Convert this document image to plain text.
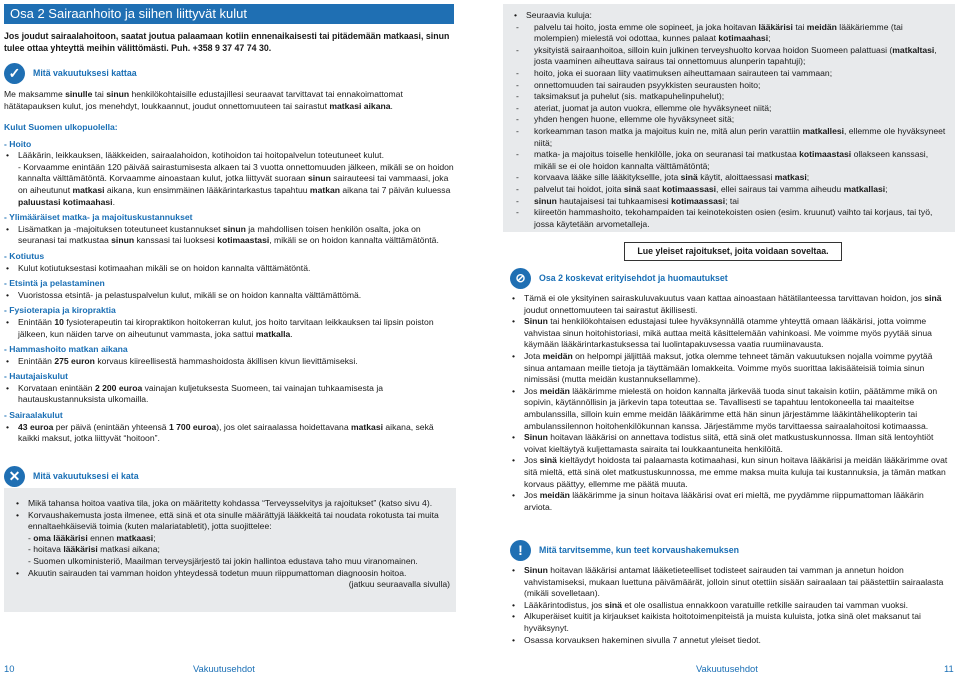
Osa 2 Sairaanhoito ja siihen liittyvät kulut
Jos joudut sairaalahoitoon, saatat joutua palaamaan kotiin ennenaikaisesti tai pitädemään matkaasi, sinun tulee ottaa yhteyttä meihin välittömästi. Puh. +358 9 37 47 74 30.
✓	Mitä vakuutuksesi kattaa
Me maksamme sinulle tai sinun henkilökohtaisille edustajillesi seuraavat tarvittavat tai ennakoimattomat hätätapauksen kulut, jos menehdyt, loukkaannut, joudut onnettomuuteen tai sairastut matkasi aikana.
Kulut Suomen ulkopuolella:
- Hoito
• Lääkärin, leikkauksen, lääkkeiden, sairaalahoidon, kotihoidon tai hoitopalvelun toteutuneet kulut.
- Korvaamme enintään 120 päivää sairastumisesta alkaen tai 3 vuotta onnettomuuden jälkeen, mikäli se on hoidon kannalta välttämätöntä. Korvaamme ainoastaan kulut, jotka liittyvät suoraan sinun sairauteesi tai vammaasi, joka on aiheutunut matkasi aikana, kun ensimmäinen lääkärintarkastus tapahtuu matkan aikana tai 7 päivän kuluessa paluustasi kotimaahasi.
- Ylimääräiset matka- ja majoituskustannukset
• Lisämatkan ja -majoituksen toteutuneet kustannukset sinun ja mahdollisen toisen henkilön osalta, joka on seuranasi tai matkustaa sinun kanssasi tai luoksesi kotimaastasi, mikäli se on hoidon kannalta välttämätöntä.
- Kotiutus
• Kulut kotiutuksestasi kotimaahan mikäli se on hoidon kannalta välttämätöntä.
- Etsintä ja pelastaminen
• Vuoristossa etsintä- ja pelastuspalvelun kulut, mikäli se on hoidon kannalta välttämättömä.
- Fysioterapia ja kiropraktia
• Enintään 10 fysioterapeutin tai kiropraktikon hoitokerran kulut, jos hoito tarvitaan leikkauksen tai lipsin poiston jälkeen, kun näiden tarve on aiheutunut vammasta, joka sattui matkalla.
- Hammashoito matkan aikana
• Enintään 275 euron korvaus kiireellisestä hammashoidosta äkillisen kivun lievittämiseksi.
- Hautajaiskulut
• Korvataan enintään 2 200 euroa vainajan kuljetuksesta Suomeen, tai vainajan tuhkaamisesta ja hautauskustannuksista ulkomailla.
- Sairaalakulut
• 43 euroa per päivä (enintään yhteensä 1 700 euroa), jos olet sairaalassa hoidettavana matkasi aikana, sekä kaikki maksut, jotka liittyvät “hoitoon”.
✕	Mitä vakuutuksesi ei kata
• Mikä tahansa hoitoa vaativa tila, joka on määritetty kohdassa “Terveysselvitys ja rajoitukset” (katso sivu 4).
• Korvaushakemusta josta ilmenee, että sinä et ota sinulle määrättyjä lääkkeitä tai noudata rokotusta tai muita ennaltaehkäiseviä toimia (kuten malariatabletit), jotta suojittelee:
- oma lääkärisi ennen matkaasi;
- hoitava lääkärisi matkasi aikana;
- Suomen ulkoministeriö, Maailman terveysjärjestö tai jokin hallintoa edustava taho muu viranomainen.
• Akuutin sairauden tai vamman hoidon yhteydessä todetun muun riippumattoman diagnoosin hoitoa.
(jatkuu seuraavalla sivulla)
10	Vakuutusehdot
• Seuraavia kuluja:
- palvelu tai hoito, josta emme ole sopineet, ja joka hoitavan lääkärisi tai meidän lääkäriemme (tai molempien) mielestä voi odottaa, kunnes palaat kotimaahasi;
- yksityistä sairaanhoitoa, silloin kuin julkinen terveyshuolto korvaa hoidon Suomeen palattuasi (matkaltasi, josta vaaminen aiheuttava sairaus tai onnettomuus alunperin tapahtuji);
- hoito, joka ei suoraan liity vaatimuksen aiheuttamaan sairauteen tai vammaan;
- onnettomuuden tai sairauden psyykkisten seurausten hoito;
- taksimaksut ja puhelut (sis. matkapuhelinpuhelut);
- ateriat, juomat ja auton vuokra, ellemme ole hyväksyneet niitä;
- yhden hengen huone, ellemme ole hyväksyneet sitä;
- korkeamman tason matka ja majoitus kuin ne, mitä alun perin varattiin matkallesi, ellemme ole hyväksyneet niitä;
- matka- ja majoitus toiselle henkilölle, joka on seuranasi tai matkustaa kotimaastasi ollakseen kanssasi, mikäli se ei ole hoidon kannalta välttämätöntä;
- korvaava lääke sille lääkityksellle, jota sinä käytit, aloittaessasi matkasi;
- palvelut tai hoidot, joita sinä saat kotimaassasi, ellei sairaus tai vamma aiheudu matkallasi;
- sinun hautajaisesi tai tuhkaamisesi kotimaassasi; tai
- kiireetön hammashoito, tekohampaiden tai keinotekoisten osien (esim. kruunut) vaihto tai korjaus, tai työ, jossa käytetään arvometalleja.
Lue yleiset rajoitukset, joita voidaan soveltaa.
⊘	Osa 2 koskevat erityisehdot ja huomautukset
• Tämä ei ole yksityinen sairaskuluvakuutus vaan kattaa ainoastaan hätätilanteessa tarvittavan hoidon, jos sinä joudut onnettomuuteen tai sairastut äkillisesti.
• Sinun tai henkilökohtaisen edustajasi tulee hyväksynnällä otamme yhteyttä omaan lääkärisi, jotta voimme vahvistaa sinun hoitohistoriasi, mikä auttaa meitä käsittelemään vahinkoasi. Me voimme myös pyytää sinua käymään lääkärintarkastuksessa tai luolintapakuvsessa vaatia ruumiinavausta.
• Jota meidän on helpompi jäljittää maksut, jotka olemme tehneet tämän vakuutuksen nojalla voimme pyytää sinua antamaan meille tietoja ja täyttämään lomakkeita. Voimme myös suorittaa lakisääteisiä toimia sinun nimissäsi (mutta meidän kustannuksellamme).
• Jos meidän lääkärimme mielestä on hoidon kannalta järkevää tuoda sinut takaisin kotiin, päätämme mikä on sopivin, käytännöllisin ja järkevin tapa toteuttaa se. Tavallisesti se tapahtuu lentokoneella tai maaiteitse ambulanssilla, silloin kuin emme meidän lääkärimme että hän sinun järjestämme lääkintähelikopterin tai ambulanssilennon hoitohenkilökunnan kanssa. Järjestämme myös tarvittaessa sairaalahoitosi kotimaassa.
• Sinun hoitavan lääkärisi on annettava todistus siitä, että sinä olet matkustuskunnossa. Ilman sitä lentoyhtiöt voivat kieltäytyä kuljettamasta sairaita tai loukkaantuneita henkilöitä.
• Jos sinä kieltäydyt hoidosta tai palaamasta kotimaahasi, kun sinun hoitava lääkärisi ja meidän lääkärimme ovat sitä mieltä, että sinä olet matkustuskunnossa, me emme maksa muita kuluja tai kustannuksia, ja tämän matkan korvaus päättyy, ellemme me päätä muuta.
• Jos meidän lääkärimme ja sinun hoitava lääkärisi ovat eri mieltä, me pyydämme riippumattoman lääkärin arviota.
!	Mitä tarvitsemme, kun teet korvaushakemuksen
• Sinun hoitavan lääkärisi antamat lääketieteelliset todisteet sairauden tai vamman ja annetun hoidon vahvistamiseksi, mukaan luettuna päivämäärät, jolloin sinut otettiin sisään sairaalaan tai päästettiin sairaalasta (mikäli sovelletaan).
• Lääkärintodistus, jos sinä et ole osallistua ennakkoon varatuille retkille sairauden tai vamman vuoksi.
• Alkuperäiset kuitit ja kirjaukset kaikista hoitotoimenpiteistä ja muista kuluista, jotka sinä olet maksanut tai hyväksynyt.
• Osassa korvauksen hakeminen sivulla 7 annetut yleiset tiedot.
Vakuutusehdot	11
